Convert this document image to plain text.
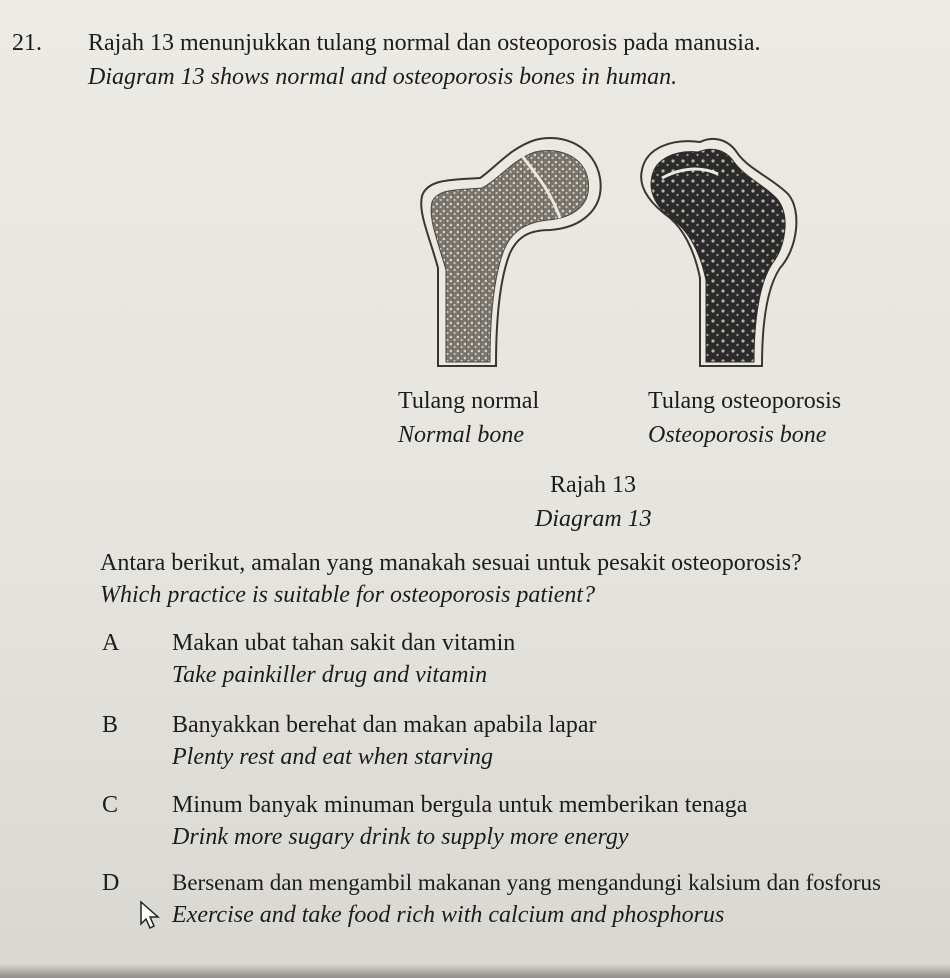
21. Rajah 13 menunjukkan tulang normal dan osteoporosis pada manusia.
Diagram 13 shows normal and osteoporosis bones in human.
Tulang normal
Normal bone
Tulang osteoporosis
Osteoporosis bone
Rajah 13
Diagram 13
Antara berikut, amalan yang manakah sesuai untuk pesakit osteoporosis?
Which practice is suitable for osteoporosis patient?
A Makan ubat tahan sakit dan vitamin
Take painkiller drug and vitamin
B Banyakkan berehat dan makan apabila lapar
Plenty rest and eat when starving
C Minum banyak minuman bergula untuk memberikan tenaga
Drink more sugary drink to supply more energy
D Bersenam dan mengambil makanan yang mengandungi kalsium dan fosforus
Exercise and take food rich with calcium and phosphorus
